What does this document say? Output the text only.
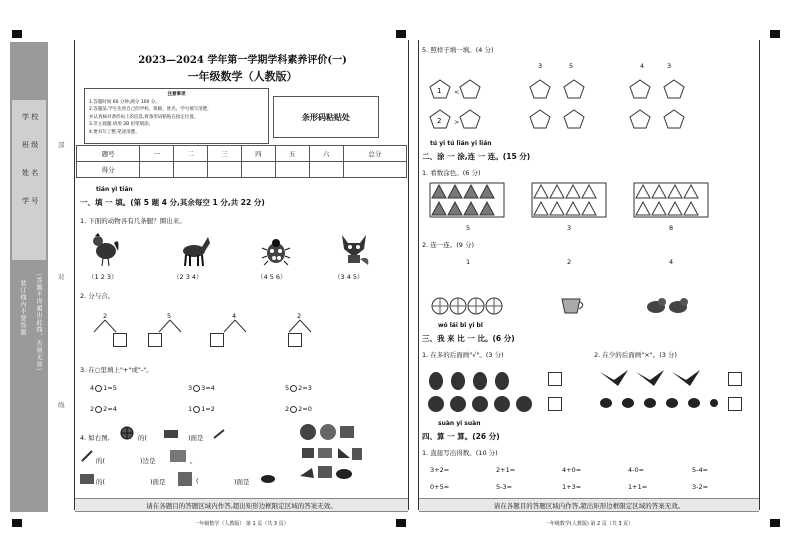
学 校
班 级
姓 名
学 号
部
对
线
（答题不得超出此线，否则无效）
装订线内不要答题
2023—2024 学年第一学期学科素养评价(一)
一年级数学（人教版）
注意事项
1.答题时间 60 分钟,满分 100 分。
2.答题前,学生先将自己的学校、班级、姓名、学号填写清楚,
并认真核对条形码上的信息,将条形码粘贴在指定位置。
3.非主观题:请用 2B 铅笔填涂。
4.要书写工整,笔迹清楚。
条形码粘贴处
题号	一	二	三	四	五	六	总分
得分							
tián yì tián
一、填 一 填。(第 5 题 4 分,其余每空 1 分,共 22 分)
1. 下面的动物各有几条腿？圈出来。
（1 2 3）	（2 3 4）	（4 5 6）	（3 4 5）
2. 分与合。
2	5	4	2
3. 在○里填上"+"或"-"。
4 1=5	3 3=4	5 2=3
2 2=4	1 1=2	2 2=0
4. 如右图,	的(	)面是
的(	)边是	。
的(	)面是	(	)面是
请在各题目的答题区域内作答,超出矩形边框限定区域的答案无效。
一年级数学（人教版） 第 1 页（共 3 页）
5. 照样子填一填。(4 分)
3	5	4	3
1
2
<
>
tú yi tú lián yi lián
二、涂 一 涂,连 一 连。(15 分)
1. 看数涂色。(6 分)
5	3	8
2. 连一连。(9 分)
1	2	4
wǒ lái bǐ yi bǐ
三、我 来 比 一 比。(6 分)
1. 在多的后面画"√"。(3 分)	2. 在少的后面画"×"。(3 分)
suàn yi suàn
四、算 一 算。(26 分)
1. 直接写出得数。(10 分)
3+2=	2+1=	4+0=	4-0=	5-4=
0+5=	5-3=	1+3=	1+1=	3-2=
请在各题目的答题区域内作答,超出矩形边框限定区域的答案无效。
一年级数学(人教版) 第 2 页（共 3 页）
